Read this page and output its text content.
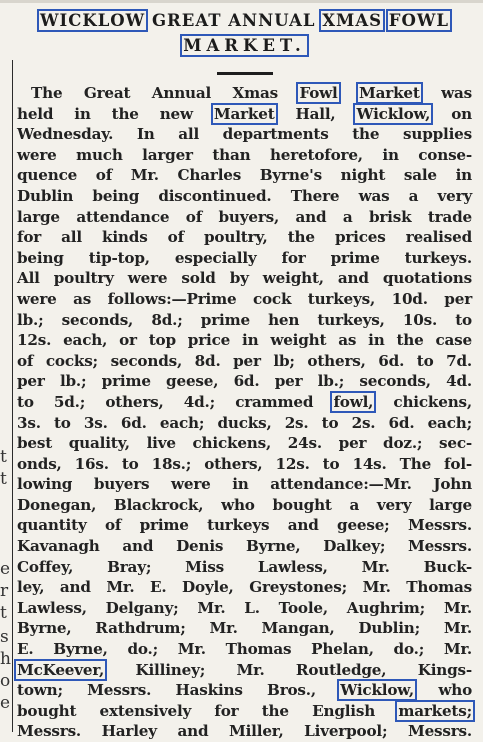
t
t
e
r
t
s
h
o
e
WICKLOW GREAT ANNUAL XMAS FOWL
MARKET.
The Great Annual Xmas Fowl Market was
held in the new Market Hall, Wicklow, on
Wednesday. In all departments the supplies
were much larger than heretofore, in conse-
quence of Mr. Charles Byrne's night sale in
Dublin being discontinued. There was a very
large attendance of buyers, and a brisk trade
for all kinds of poultry, the prices realised
being tip-top, especially for prime turkeys.
All poultry were sold by weight, and quotations
were as follows:—Prime cock turkeys, 10d. per
lb.; seconds, 8d.; prime hen turkeys, 10s. to
12s. each, or top price in weight as in the case
of cocks; seconds, 8d. per lb; others, 6d. to 7d.
per lb.; prime geese, 6d. per lb.; seconds, 4d.
to 5d.; others, 4d.; crammed fowl, chickens,
3s. to 3s. 6d. each; ducks, 2s. to 2s. 6d. each;
best quality, live chickens, 24s. per doz.; sec-
onds, 16s. to 18s.; others, 12s. to 14s. The fol-
lowing buyers were in attendance:—Mr. John
Donegan, Blackrock, who bought a very large
quantity of prime turkeys and geese; Messrs.
Kavanagh and Denis Byrne, Dalkey; Messrs.
Coffey, Bray; Miss Lawless, Mr. Buck-
ley, and Mr. E. Doyle, Greystones; Mr. Thomas
Lawless, Delgany; Mr. L. Toole, Aughrim; Mr.
Byrne, Rathdrum; Mr. Mangan, Dublin; Mr.
E. Byrne, do.; Mr. Thomas Phelan, do.; Mr.
McKeever, Killiney; Mr. Routledge, Kings-
town; Messrs. Haskins Bros., Wicklow, who
bought extensively for the English markets;
Messrs. Harley and Miller, Liverpool; Messrs.
